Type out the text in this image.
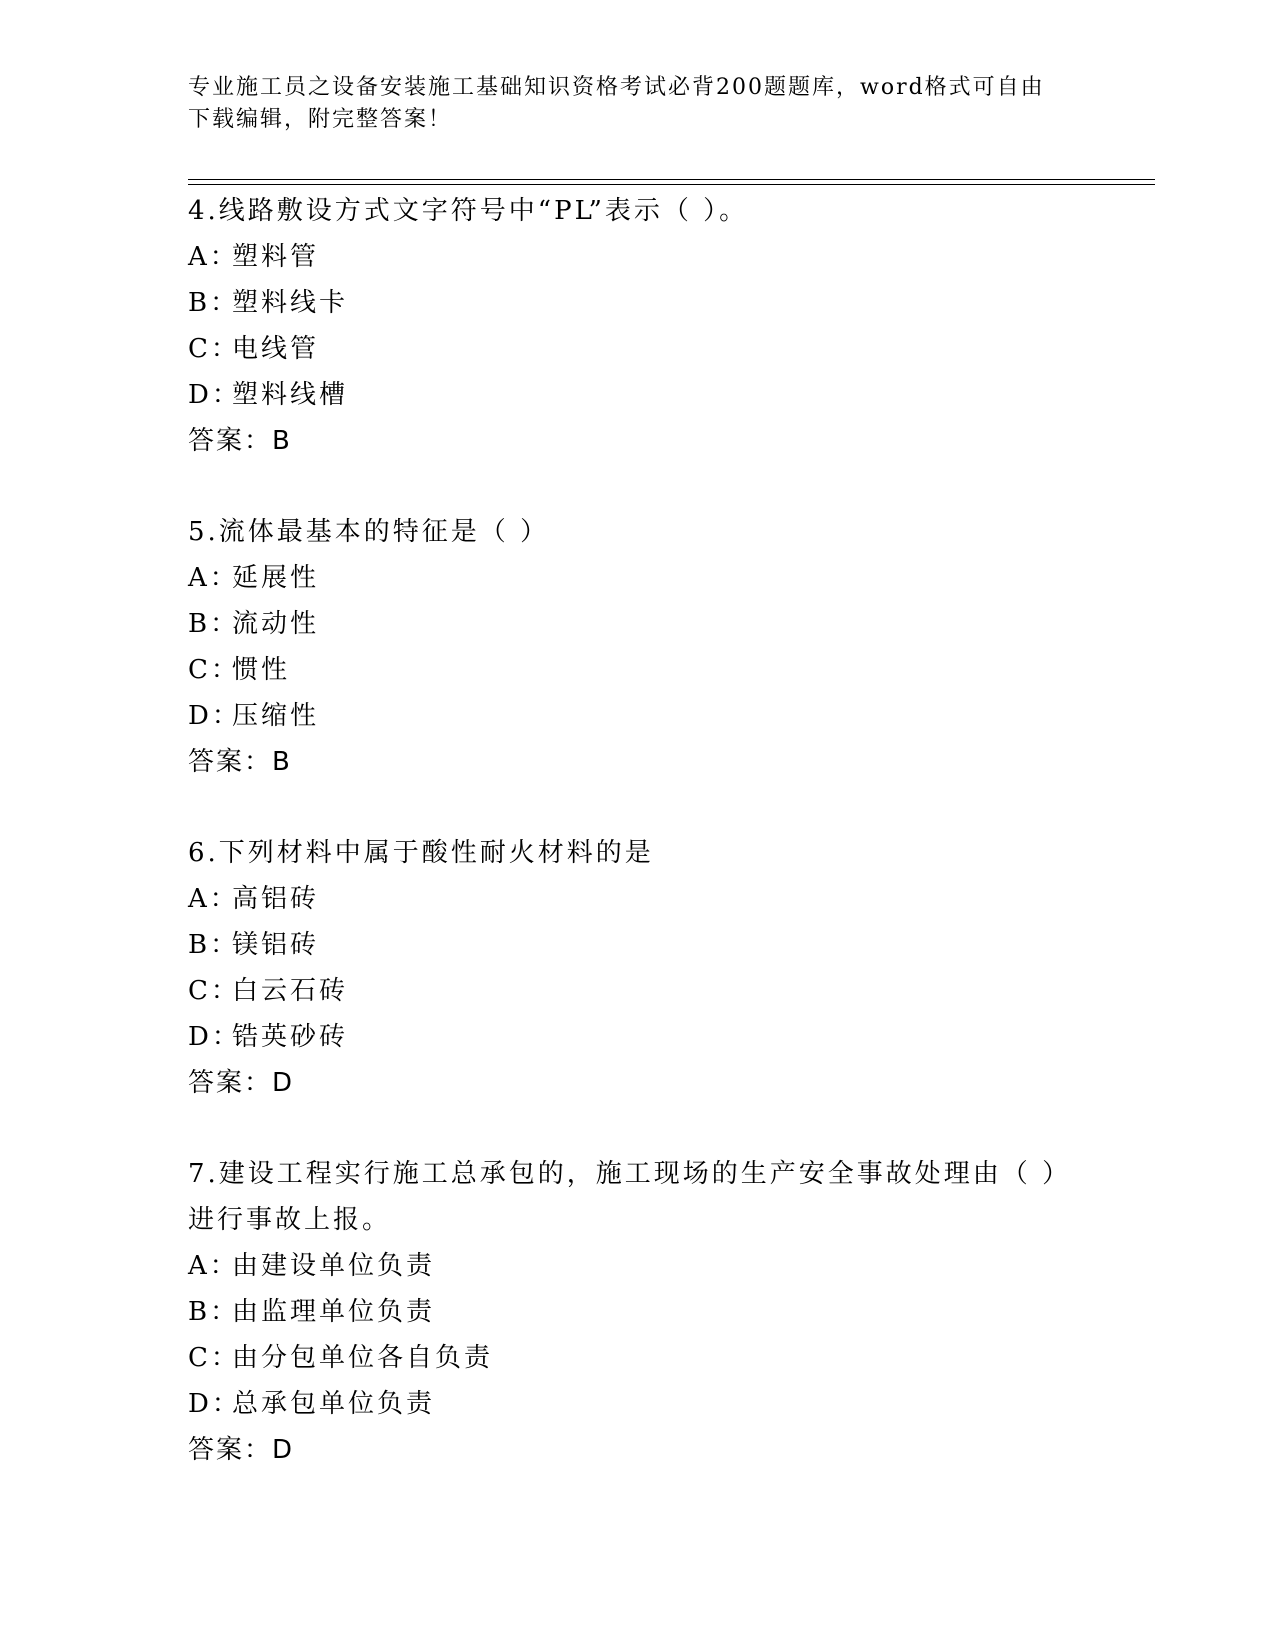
专业施工员之设备安装施工基础知识资格考试必背200题题库，word格式可自由
下载编辑，附完整答案！
4.线路敷设方式文字符号中“PL”表示（ ）。
A：塑料管
B：塑料线卡
C：电线管
D：塑料线槽
答案：B
5.流体最基本的特征是（ ）
A：延展性
B：流动性
C：惯性
D：压缩性
答案：B
6.下列材料中属于酸性耐火材料的是
A：高铝砖
B：镁铝砖
C：白云石砖
D：锆英砂砖
答案：D
7.建设工程实行施工总承包的，施工现场的生产安全事故处理由（ ）
进行事故上报。
A：由建设单位负责
B：由监理单位负责
C：由分包单位各自负责
D：总承包单位负责
答案：D
